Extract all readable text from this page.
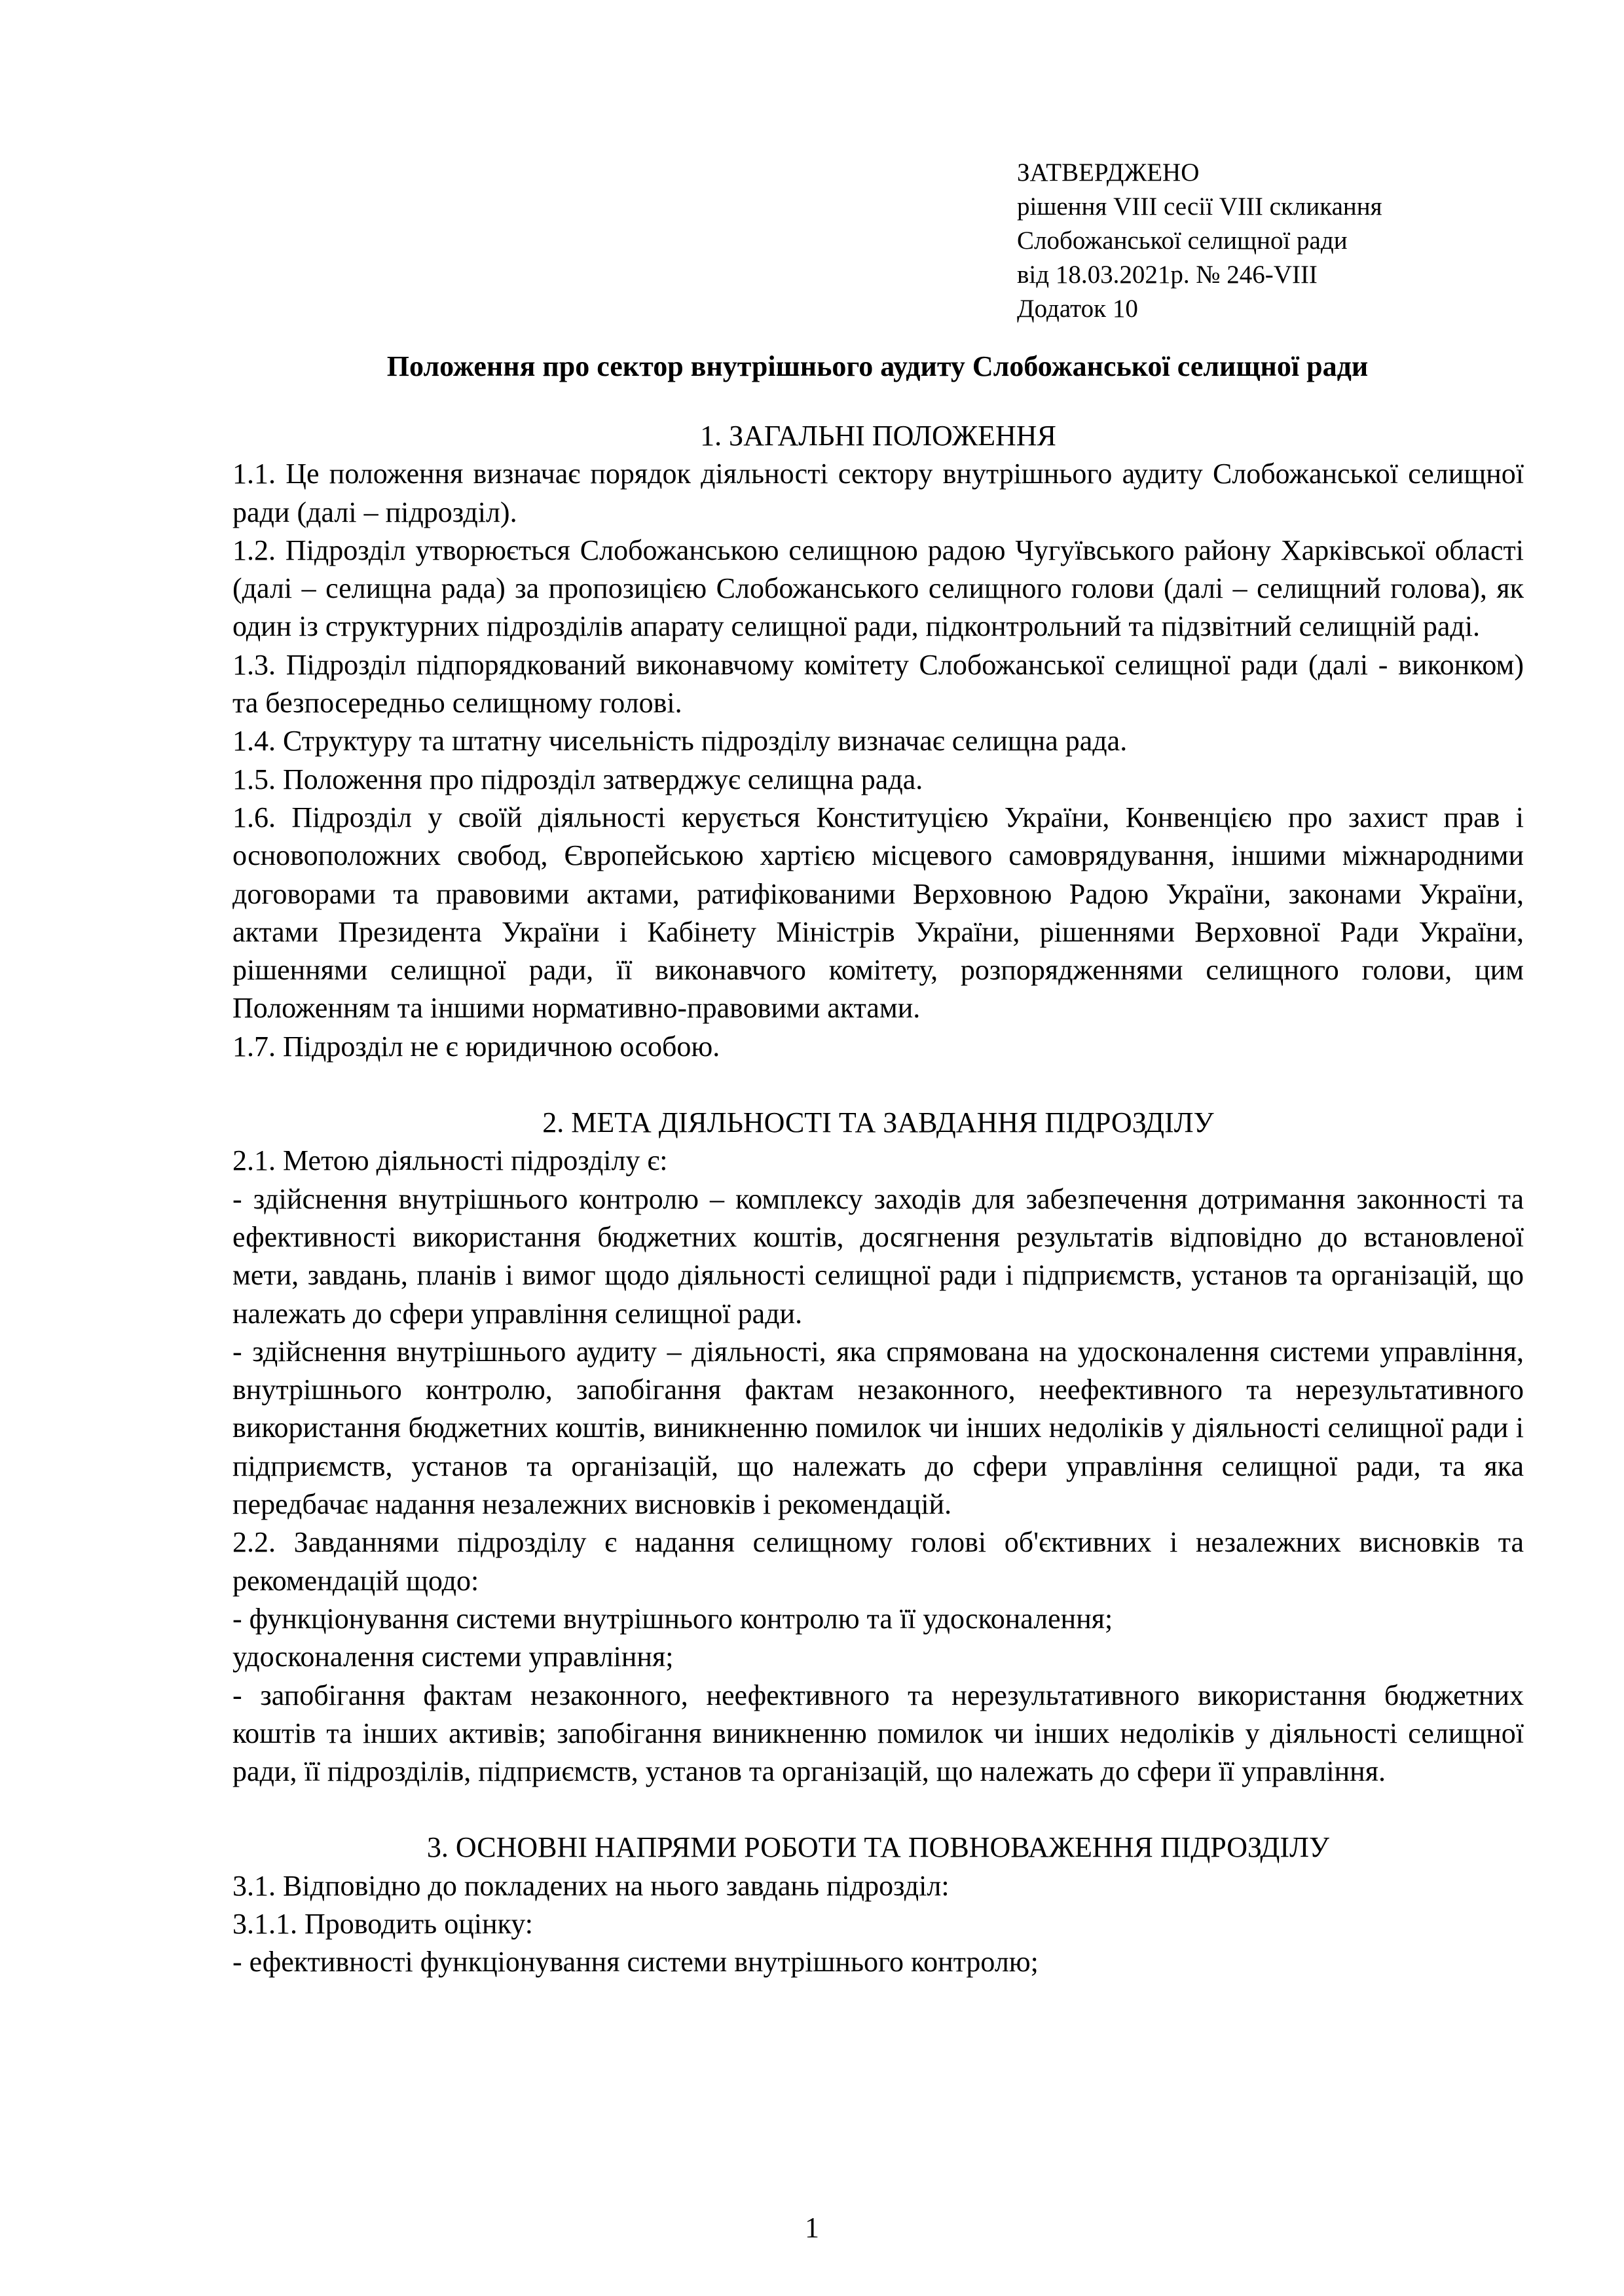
ЗАТВЕРДЖЕНО
рішення VIII сесії VIII скликання
Слобожанської селищної ради
від 18.03.2021р. № 246-VIII
Додаток 10
Положення про сектор внутрішнього аудиту Слобожанської селищної ради
1. ЗАГАЛЬНІ ПОЛОЖЕННЯ
1.1. Це положення визначає порядок діяльності сектору внутрішнього аудиту Слобожанської селищної ради (далі – підрозділ).
1.2. Підрозділ утворюється Слобожанською селищною радою Чугуївського району Харківської області (далі – селищна рада) за пропозицією Слобожанського селищного голови (далі – селищний голова), як один із структурних підрозділів апарату селищної ради, підконтрольний та підзвітний селищній раді.
1.3. Підрозділ підпорядкований виконавчому комітету Слобожанської селищної ради (далі - виконком) та безпосередньо селищному голові.
1.4. Структуру та штатну чисельність підрозділу визначає селищна рада.
1.5. Положення про підрозділ затверджує селищна рада.
1.6. Підрозділ у своїй діяльності керується Конституцією України, Конвенцією про захист прав і основоположних свобод, Європейською хартією місцевого самоврядування, іншими міжнародними договорами та правовими актами, ратифікованими Верховною Радою України, законами України, актами Президента України і Кабінету Міністрів України, рішеннями Верховної Ради України, рішеннями селищної ради, її виконавчого комітету, розпорядженнями селищного голови, цим Положенням та іншими нормативно-правовими актами.
1.7. Підрозділ не є юридичною особою.
2. МЕТА ДІЯЛЬНОСТІ ТА ЗАВДАННЯ ПІДРОЗДІЛУ
2.1. Метою діяльності підрозділу є:
- здійснення внутрішнього контролю – комплексу заходів для забезпечення дотримання законності та ефективності використання бюджетних коштів, досягнення результатів відповідно до встановленої мети, завдань, планів і вимог щодо діяльності селищної ради і підприємств, установ та організацій, що належать до сфери управління селищної ради.
- здійснення внутрішнього аудиту – діяльності, яка спрямована на удосконалення системи управління, внутрішнього контролю, запобігання фактам незаконного, неефективного та нерезультативного використання бюджетних коштів, виникненню помилок чи інших недоліків у діяльності селищної ради і підприємств, установ та організацій, що належать до сфери управління селищної ради, та яка передбачає надання незалежних висновків і рекомендацій.
2.2. Завданнями підрозділу є надання селищному голові об'єктивних і незалежних висновків та рекомендацій щодо:
- функціонування системи внутрішнього контролю та її удосконалення;
удосконалення системи управління;
- запобігання фактам незаконного, неефективного та нерезультативного використання бюджетних коштів та інших активів; запобігання виникненню помилок чи інших недоліків у діяльності селищної ради, її підрозділів, підприємств, установ та організацій, що належать до сфери її управління.
3. ОСНОВНІ НАПРЯМИ РОБОТИ ТА ПОВНОВАЖЕННЯ ПІДРОЗДІЛУ
3.1. Відповідно до покладених на нього завдань підрозділ:
3.1.1. Проводить оцінку:
- ефективності функціонування системи внутрішнього контролю;
1
